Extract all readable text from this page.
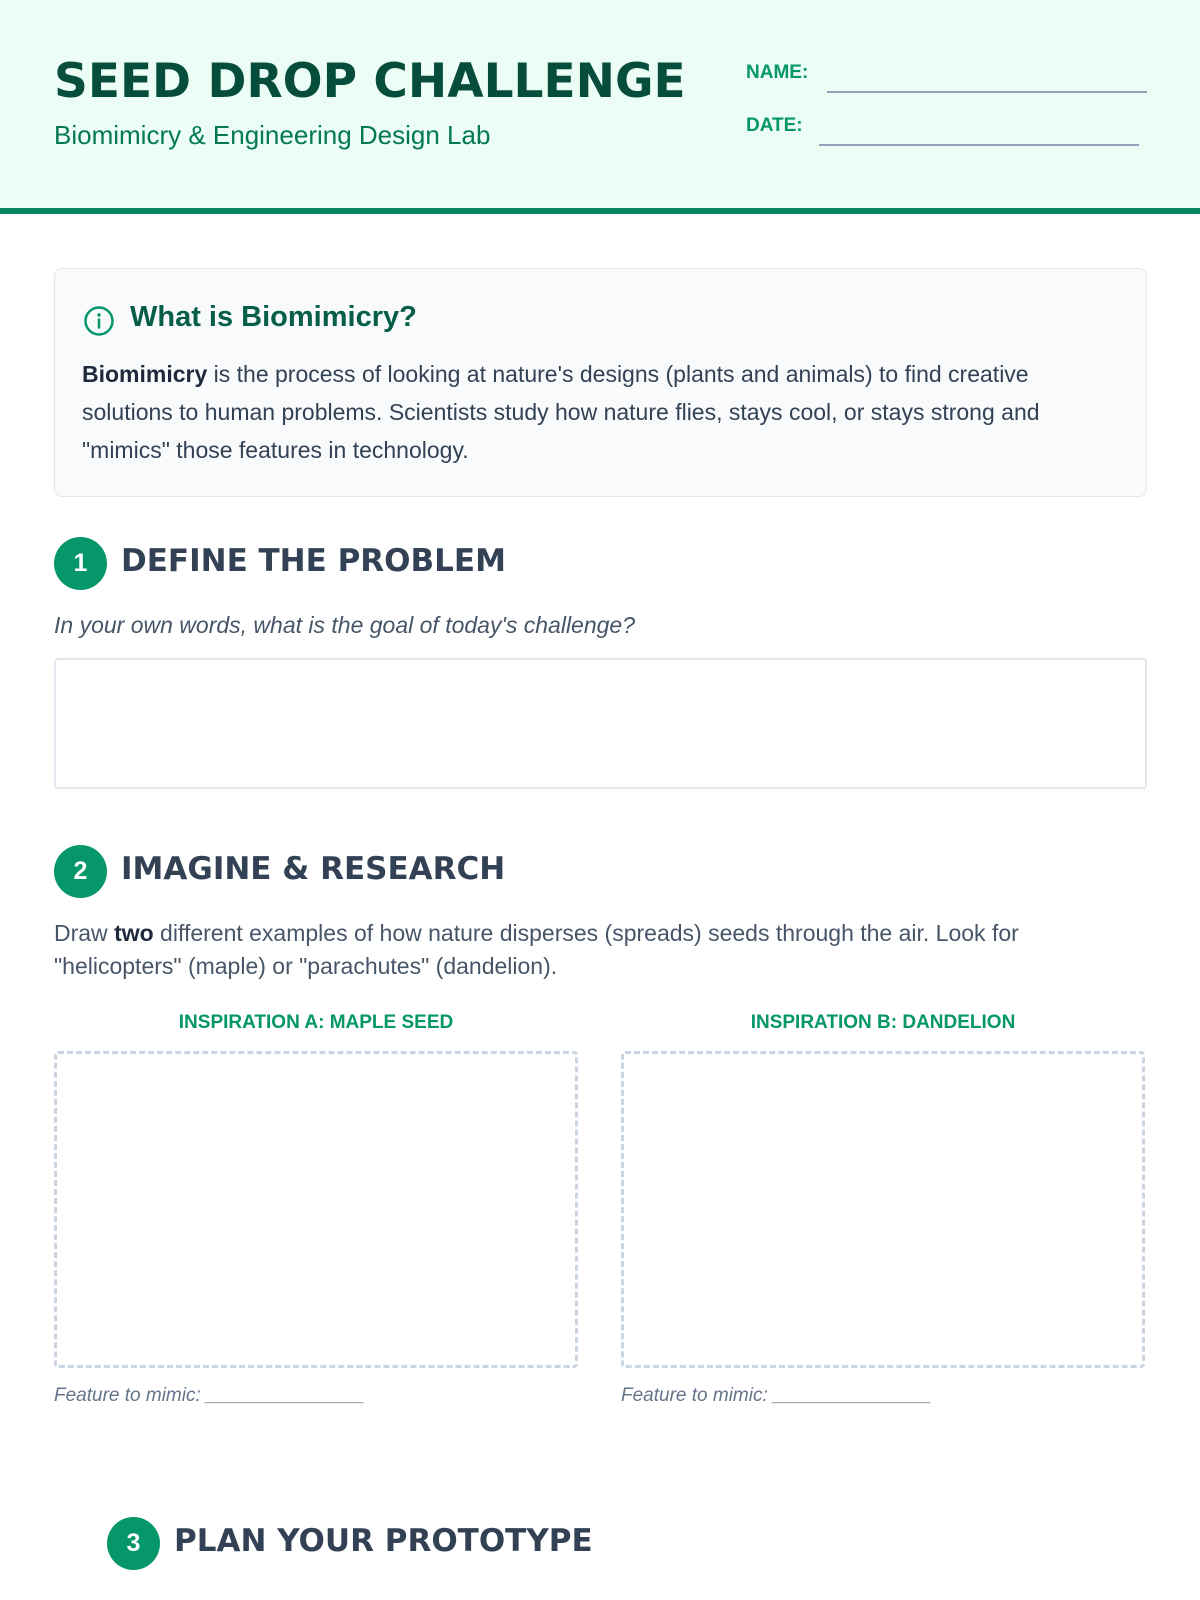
SEED DROP CHALLENGE
Biomimicry & Engineering Design Lab
NAME:
DATE:
What is Biomimicry?
Biomimicry is the process of looking at nature's designs (plants and animals) to find creative solutions to human problems. Scientists study how nature flies, stays cool, or stays strong and "mimics" those features in technology.
1	DEFINE THE PROBLEM
In your own words, what is the goal of today's challenge?
2	IMAGINE & RESEARCH
Draw two different examples of how nature disperses (spreads) seeds through the air. Look for "helicopters" (maple) or "parachutes" (dandelion).
INSPIRATION A: MAPLE SEED
Feature to mimic: _______________
INSPIRATION B: DANDELION
Feature to mimic: _______________
3	PLAN YOUR PROTOTYPE
